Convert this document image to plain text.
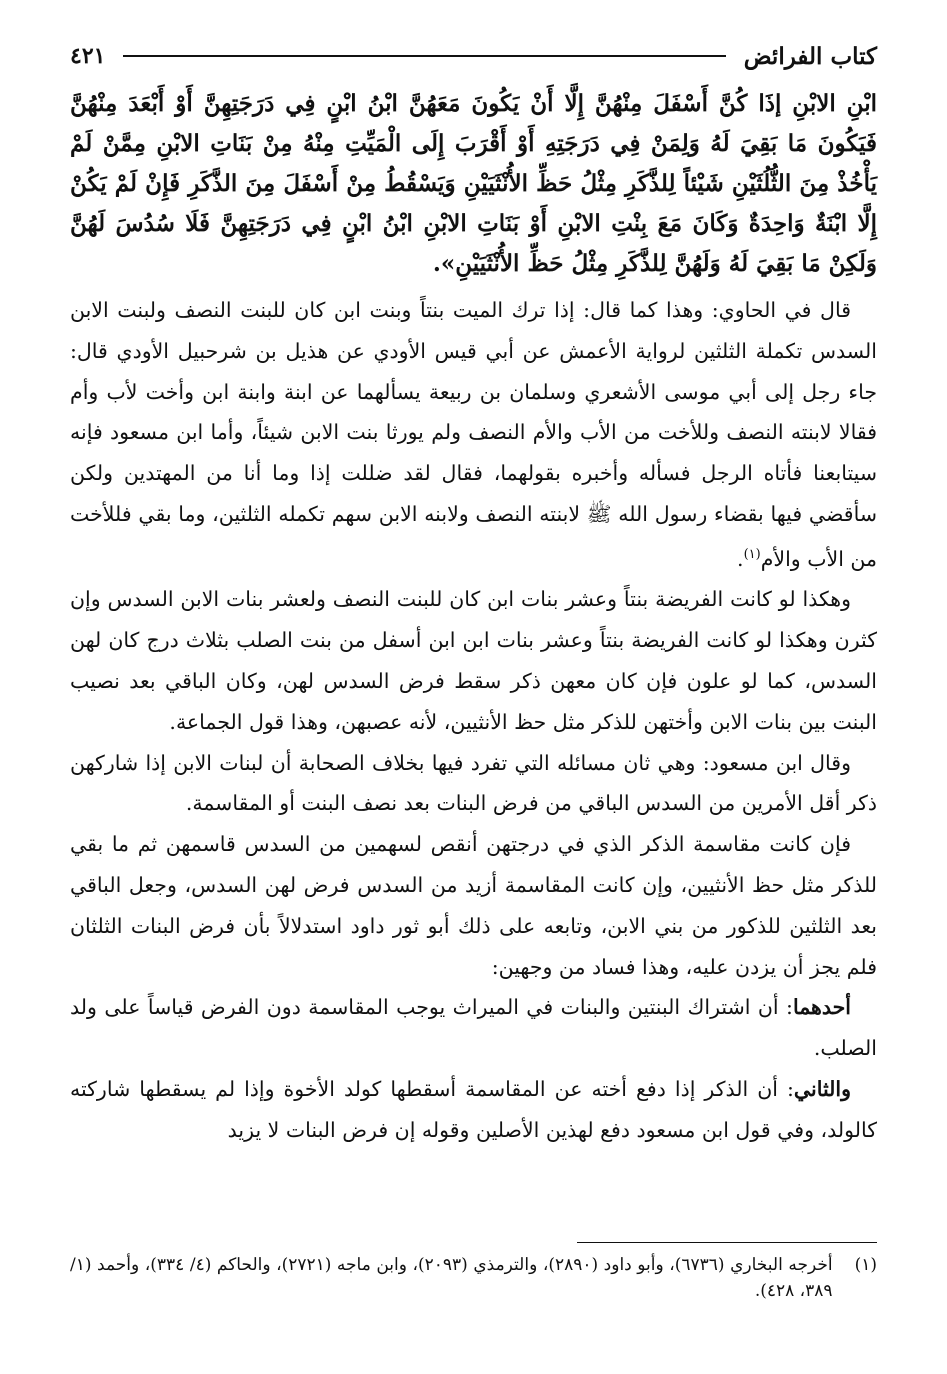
كتاب الفرائض
٤٢١
ابْنِ الابْنِ إذَا كُنَّ أَسْفَلَ مِنْهُنَّ إِلَّا أَنْ يَكُونَ مَعَهُنَّ ابْنُ ابْنٍ فِي دَرَجَتِهِنَّ أَوْ أَبْعَدَ مِنْهُنَّ فَيَكُونَ مَا بَقِيَ لَهُ وَلِمَنْ فِي دَرَجَتِهِ أَوْ أَقْرَبَ إِلَى الْمَيِّتِ مِنْهُ مِنْ بَنَاتِ الابْنِ مِمَّنْ لَمْ يَأْخُذْ مِنَ الثُّلُثَيْنِ شَيْئاً لِلذَّكَرِ مِثْلُ حَظِّ الأُنْثَيَيْنِ وَيَسْقُطُ مِنْ أَسْفَلَ مِنَ الذَّكَرِ فَإِنْ لَمْ يَكُنْ إِلَّا ابْنَةٌ وَاحِدَةٌ وَكَانَ مَعَ بِنْتِ الابْنِ أَوْ بَنَاتِ الابْنِ ابْنُ ابْنٍ فِي دَرَجَتِهِنَّ فَلَا سُدُسَ لَهُنَّ وَلَكِنْ مَا بَقِيَ لَهُ وَلَهُنَّ لِلذَّكَرِ مِثْلُ حَظِّ الأُنْثَيَيْنِ».

قال في الحاوي: وهذا كما قال: إذا ترك الميت بنتاً وبنت ابن كان للبنت النصف ولبنت الابن السدس تكملة الثلثين لرواية الأعمش عن أبي قيس الأودي عن هذيل بن شرحبيل الأودي قال: جاء رجل إلى أبي موسى الأشعري وسلمان بن ربيعة يسألهما عن ابنة وابنة ابن وأخت لأب وأم فقالا لابنته النصف وللأخت من الأب والأم النصف ولم يورثا بنت الابن شيئاً، وأما ابن مسعود فإنه سيتابعنا فأتاه الرجل فسأله وأخبره بقولهما، فقال لقد ضللت إذا وما أنا من المهتدين ولكن سأقضي فيها بقضاء رسول الله ﷺ لابنته النصف ولابنه الابن سهم تكمله الثلثين، وما بقي فللأخت من الأب والأم$^{(١)}$.

وهكذا لو كانت الفريضة بنتاً وعشر بنات ابن كان للبنت النصف ولعشر بنات الابن السدس وإن كثرن وهكذا لو كانت الفريضة بنتاً وعشر بنات ابن ابن أسفل من بنت الصلب بثلاث درج كان لهن السدس، كما لو علون فإن كان معهن ذكر سقط فرض السدس لهن، وكان الباقي بعد نصيب البنت بين بنات الابن وأختهن للذكر مثل حظ الأنثيين، لأنه عصبهن، وهذا قول الجماعة.

وقال ابن مسعود: وهي ثان مسائله التي تفرد فيها بخلاف الصحابة أن لبنات الابن إذا شاركهن ذكر أقل الأمرين من السدس الباقي من فرض البنات بعد نصف البنت أو المقاسمة.

فإن كانت مقاسمة الذكر الذي في درجتهن أنقص لسهمين من السدس قاسمهن ثم ما بقي للذكر مثل حظ الأنثيين، وإن كانت المقاسمة أزيد من السدس فرض لهن السدس، وجعل الباقي بعد الثلثين للذكور من بني الابن، وتابعه على ذلك أبو ثور داود استدلالاً بأن فرض البنات الثلثان فلم يجز أن يزدن عليه، وهذا فساد من وجهين:

أحدهما: أن اشتراك البنتين والبنات في الميراث يوجب المقاسمة دون الفرض قياساً على ولد الصلب.

والثاني: أن الذكر إذا دفع أخته عن المقاسمة أسقطها كولد الأخوة وإذا لم يسقطها شاركته كالولد، وفي قول ابن مسعود دفع لهذين الأصلين وقوله إن فرض البنات لا يزيد

(١)
أخرجه البخاري (٦٧٣٦)، وأبو داود (٢٨٩٠)، والترمذي (٢٠٩٣)، وابن ماجه (٢٧٢١)، والحاكم (٤/ ٣٣٤)، وأحمد (١/ ٣٨٩، ٤٢٨).
